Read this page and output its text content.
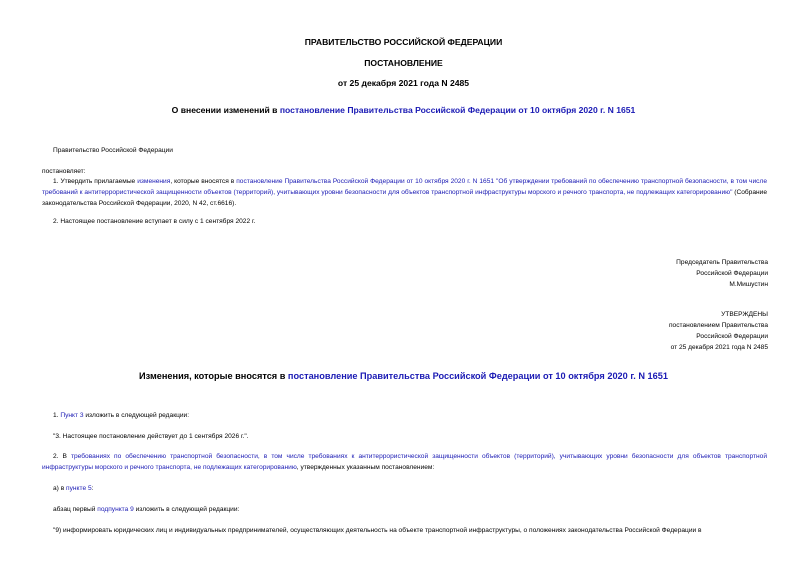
ПРАВИТЕЛЬСТВО РОССИЙСКОЙ ФЕДЕРАЦИИ
ПОСТАНОВЛЕНИЕ
от 25 декабря 2021 года N 2485
О внесении изменений в постановление Правительства Российской Федерации от 10 октября 2020 г. N 1651
Правительство Российской Федерации
постановляет:
1. Утвердить прилагаемые изменения, которые вносятся в постановление Правительства Российской Федерации от 10 октября 2020 г. N 1651 "Об утверждении требований по обеспечению транспортной безопасности, в том числе требований к антитеррористической защищенности объектов (территорий), учитывающих уровни безопасности для объектов транспортной инфраструктуры морского и речного транспорта, не подлежащих категорированию" (Собрание законодательства Российской Федерации, 2020, N 42, ст.6616).
2. Настоящее постановление вступает в силу с 1 сентября 2022 г.
Председатель Правительства
Российской Федерации
М.Мишустин
УТВЕРЖДЕНЫ
постановлением Правительства
Российской Федерации
от 25 декабря 2021 года N 2485
Изменения, которые вносятся в постановление Правительства Российской Федерации от 10 октября 2020 г. N 1651
1. Пункт 3 изложить в следующей редакции:
"3. Настоящее постановление действует до 1 сентября 2026 г.".
2. В требованиях по обеспечению транспортной безопасности, в том числе требованиях к антитеррористической защищенности объектов (территорий), учитывающих уровни безопасности для объектов транспортной инфраструктуры морского и речного транспорта, не подлежащих категорированию, утвержденных указанным постановлением:
а) в пункте 5:
абзац первый подпункта 9 изложить в следующей редакции:
"9) информировать юридических лиц и индивидуальных предпринимателей, осуществляющих деятельность на объекте транспортной инфраструктуры, о положениях законодательства Российской Федерации в
